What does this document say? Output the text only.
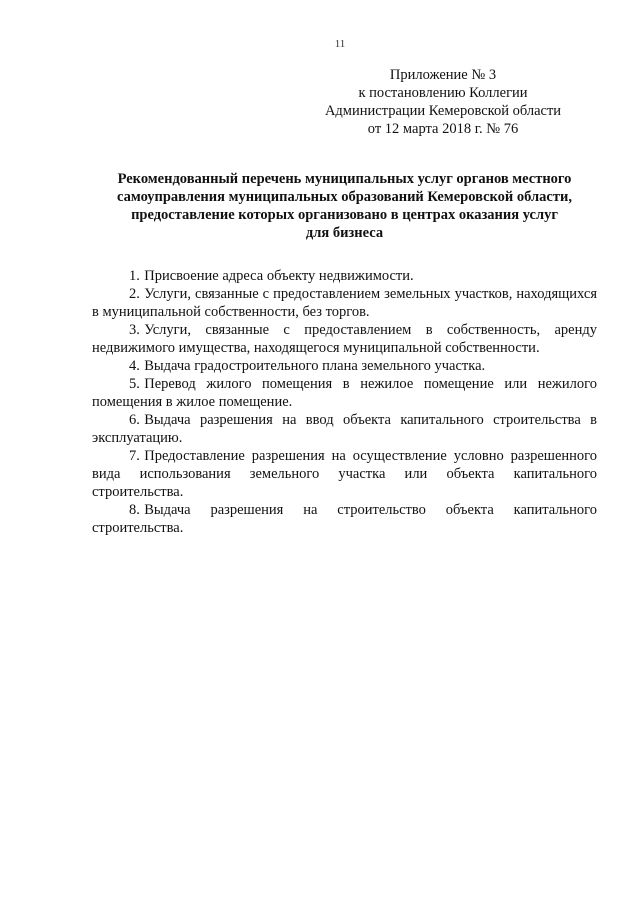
11
Приложение № 3
к постановлению Коллегии
Администрации Кемеровской области
от 12 марта 2018 г. № 76
Рекомендованный перечень муниципальных услуг органов местного
самоуправления муниципальных образований Кемеровской области,
предоставление которых организовано в центрах оказания услуг
для бизнеса

1. Присвоение адреса объекту недвижимости.

2. Услуги, связанные с предоставлением земельных участков, находящихся в муниципальной собственности, без торгов.

3. Услуги, связанные с предоставлением в собственность, аренду недвижимого имущества, находящегося муниципальной собственности.

4. Выдача градостроительного плана земельного участка.

5. Перевод жилого помещения в нежилое помещение или нежилого помещения в жилое помещение.

6. Выдача разрешения на ввод объекта капитального строительства в эксплуатацию.

7. Предоставление разрешения на осуществление условно разрешенного вида использования земельного участка или объекта капитального строительства.

8. Выдача разрешения на строительство объекта капитального строительства.
